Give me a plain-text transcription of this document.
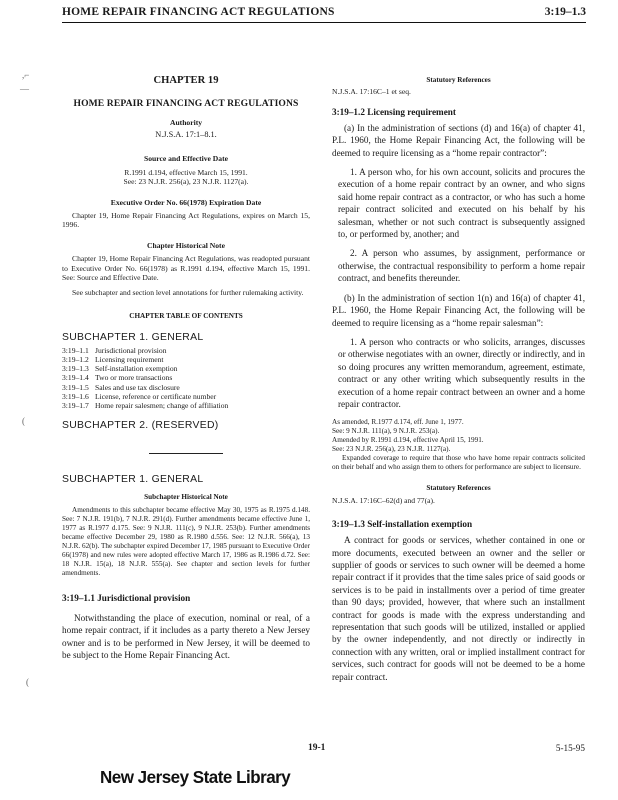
HOME REPAIR FINANCING ACT REGULATIONS	3:19–1.3
,⌐
—
(
(
CHAPTER 19
HOME REPAIR FINANCING ACT REGULATIONS
Authority
N.J.S.A. 17:1–8.1.
Source and Effective Date
R.1991 d.194, effective March 15, 1991.
See: 23 N.J.R. 256(a), 23 N.J.R. 1127(a).
Executive Order No. 66(1978) Expiration Date

Chapter 19, Home Repair Financing Act Regulations, expires on March 15, 1996.

Chapter Historical Note

Chapter 19, Home Repair Financing Act Regulations, was readopted pursuant to Executive Order No. 66(1978) as R.1991 d.194, effective March 15, 1991. See: Source and Effective Date.

See subchapter and section level annotations for further rulemaking activity.

CHAPTER TABLE OF CONTENTS
SUBCHAPTER 1. GENERAL
3:19–1.1 Jurisdictional provision
3:19–1.2 Licensing requirement
3:19–1.3 Self-installation exemption
3:19–1.4 Two or more transactions
3:19–1.5 Sales and use tax disclosure
3:19–1.6 License, reference or certificate number
3:19–1.7 Home repair salesmen; change of affiliation
SUBCHAPTER 2. (RESERVED)
SUBCHAPTER 1. GENERAL
Subchapter Historical Note

Amendments to this subchapter became effective May 30, 1975 as R.1975 d.148. See: 7 N.J.R. 191(b), 7 N.J.R. 291(d). Further amendments became effective June 1, 1977 as R.1977 d.175. See: 9 N.J.R. 111(c), 9 N.J.R. 253(b). Further amendments became effective December 29, 1980 as R.1980 d.556. See: 12 N.J.R. 566(a), 13 N.J.R. 62(b). The subchapter expired December 17, 1985 pursuant to Executive Order 66(1978) and new rules were adopted effective March 17, 1986 as R.1986 d.72. See: 18 N.J.R. 15(a), 18 N.J.R. 555(a). See chapter and section levels for further amendments.

3:19–1.1 Jurisdictional provision

Notwithstanding the place of execution, nominal or real, of a home repair contract, if it includes as a party thereto a New Jersey owner and is to be performed in New Jersey, it will be deemed to be subject to the Home Repair Financing Act.

Statutory References
N.J.S.A. 17:16C–1 et seq.
3:19–1.2 Licensing requirement

(a) In the administration of sections (d) and 16(a) of chapter 41, P.L. 1960, the Home Repair Financing Act, the following will be deemed to require licensing as a “home repair contractor”:

1. A person who, for his own account, solicits and procures the execution of a home repair contract by an owner, and who signs said home repair contract as a contractor, or who has such a home repair contract solicited and executed on his behalf by his salesman, whether or not such contract is subsequently assigned to, or performed by, another; and

2. A person who assumes, by assignment, performance or otherwise, the contractual responsibility to perform a home repair contract, and benefits thereunder.

(b) In the administration of section 1(n) and 16(a) of chapter 41, P.L. 1960, the Home Repair Financing Act, the following will be deemed to require licensing as a “home repair salesman”:

1. A person who contracts or who solicits, arranges, discusses or otherwise negotiates with an owner, directly or indirectly, and in so doing procures any written memorandum, agreement, estimate, contract or any other writing which subsequently results in the execution of a home repair contract between an owner and a home repair contractor.

As amended, R.1977 d.174, eff. June 1, 1977.
See: 9 N.J.R. 111(a), 9 N.J.R. 253(a).
Amended by R.1991 d.194, effective April 15, 1991.
See: 23 N.J.R. 256(a), 23 N.J.R. 1127(a).

Expanded coverage to require that those who have home repair contracts solicited on their behalf and who assign them to others for performance are subject to licensure.

Statutory References
N.J.S.A. 17:16C–62(d) and 77(a).
3:19–1.3 Self-installation exemption

A contract for goods or services, whether contained in one or more documents, executed between an owner and the seller or supplier of goods or services to such owner will be deemed a home repair contract if it provides that the time sales price of said goods or services is to be paid in installments over a period of time greater than 90 days; provided, however, that where such an installment contract for goods is made with the express understanding and representation that such goods will be utilized, installed or applied by the owner independently, and not directly or indirectly in connection with any written, oral or implied installment contract for services, such contract for goods will not be deemed to be a home repair contract.

19-1	5-15-95
New Jersey State Library
